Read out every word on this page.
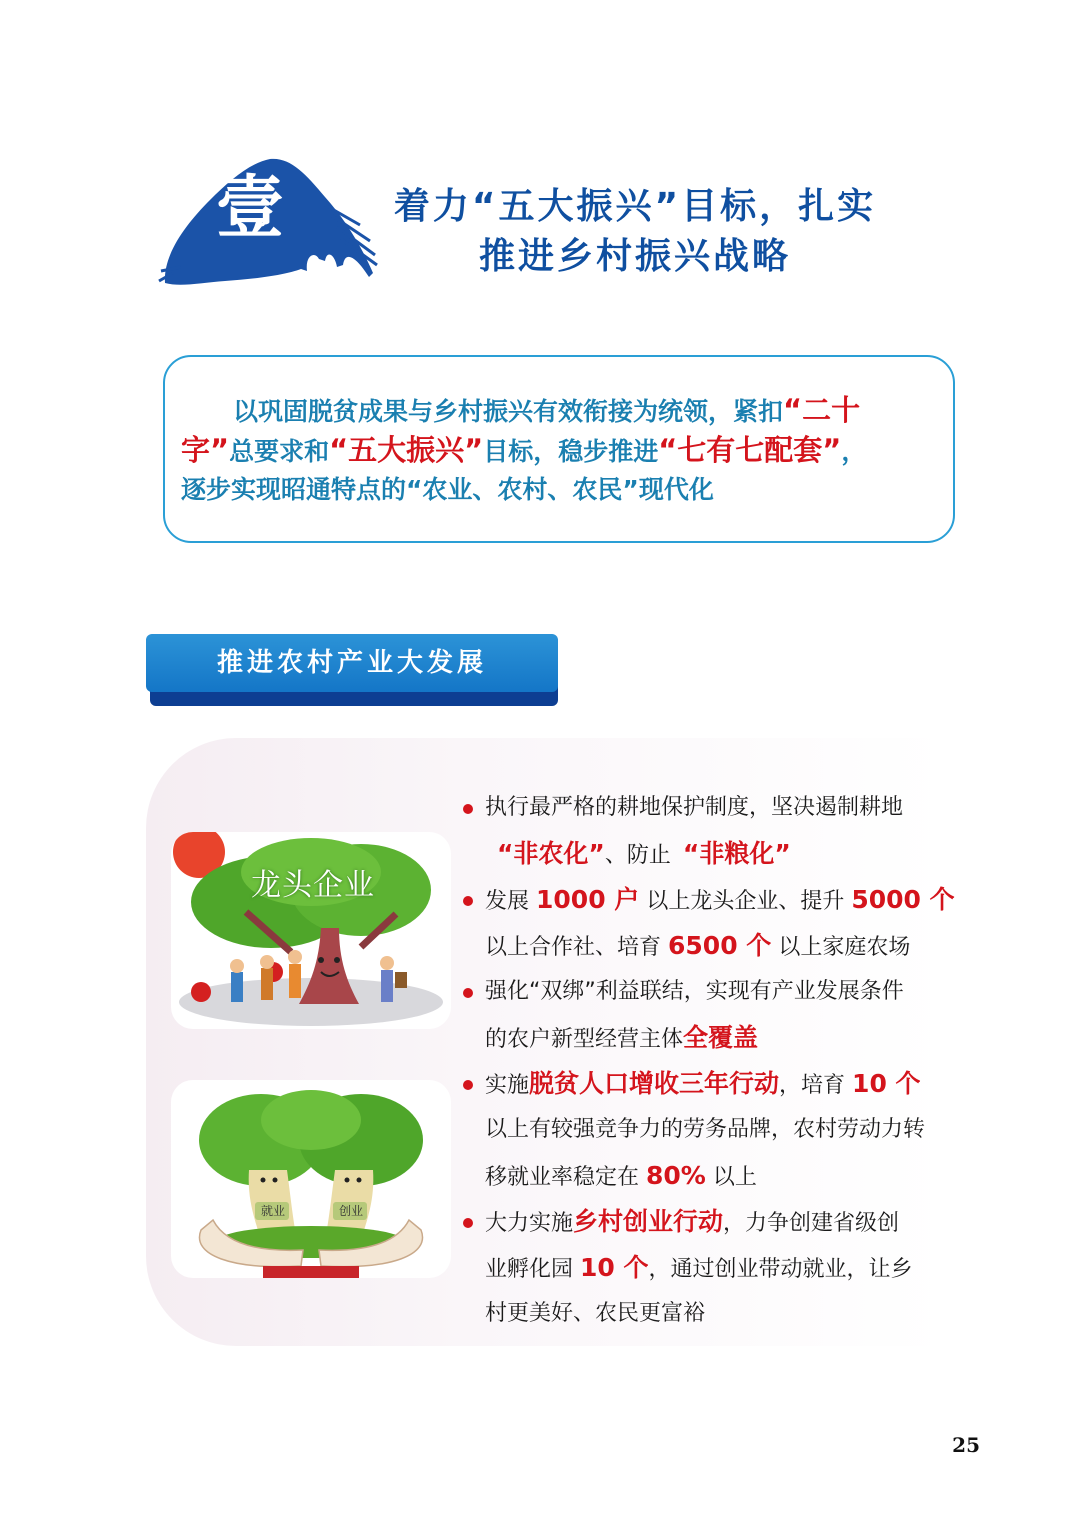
壹	着力“五大振兴”目标，扎实
推进乡村振兴战略
以巩固脱贫成果与乡村振兴有效衔接为统领，紧扣“二十
字”总要求和“五大振兴”目标，稳步推进“七有七配套”，
逐步实现昭通特点的“农业、农村、农民”现代化
推进农村产业大发展
龙头企业
就业	创业
执行最严格的耕地保护制度，坚决遏制耕地
“非农化”、防止 “非粮化”
发展 1000 户 以上龙头企业、提升 5000 个
以上合作社、培育 6500 个 以上家庭农场
强化“双绑”利益联结，实现有产业发展条件
的农户新型经营主体全覆盖
实施脱贫人口增收三年行动，培育 10 个
以上有较强竞争力的劳务品牌，农村劳动力转
移就业率稳定在 80% 以上
大力实施乡村创业行动，力争创建省级创
业孵化园 10 个，通过创业带动就业，让乡
村更美好、农民更富裕
25
